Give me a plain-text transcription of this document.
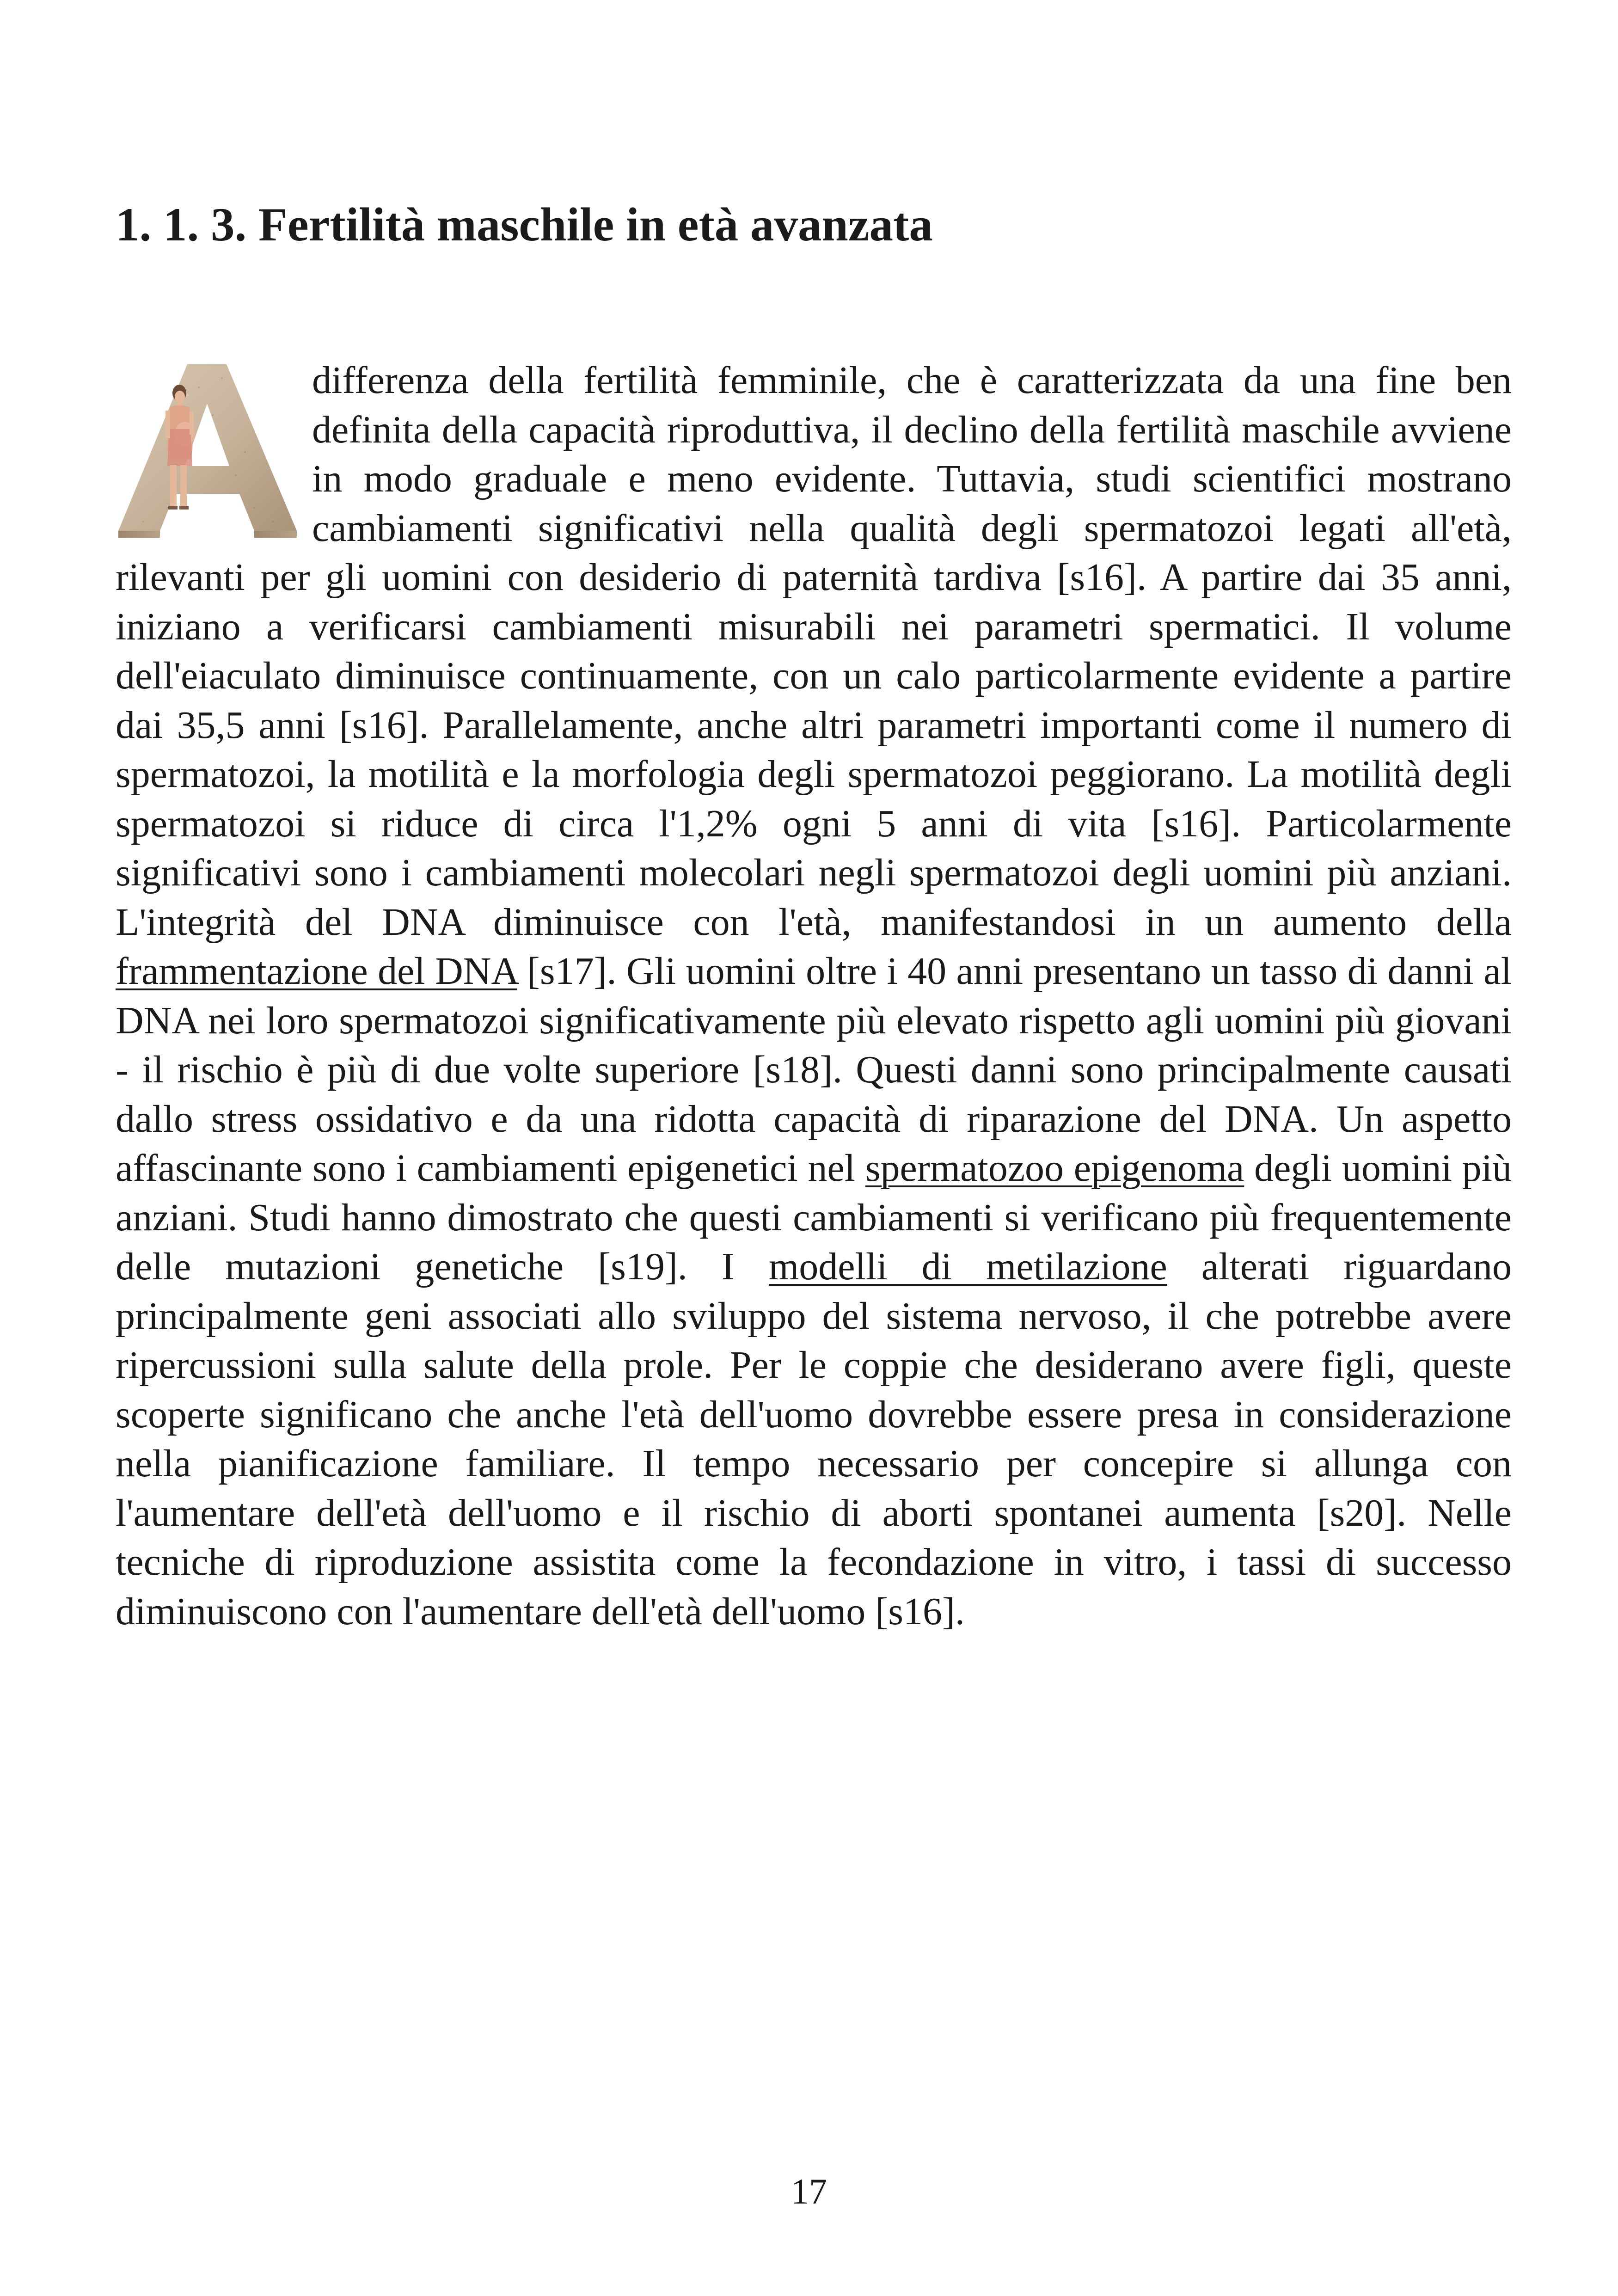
1. 1. 3. Fertilità maschile in età avanzata

differenza della fertilità femminile, che è caratterizzata da una fine ben definita della capacità riproduttiva, il declino della fertilità maschile avviene in modo graduale e meno evidente. Tuttavia, studi scientifici mostrano cambiamenti significativi nella qualità degli spermatozoi legati all'età, rilevanti per gli uomini con desiderio di paternità tardiva [s16]. A partire dai 35 anni, iniziano a verificarsi cambiamenti misurabili nei parametri spermatici. Il volume dell'eiaculato diminuisce continuamente, con un calo particolarmente evidente a partire dai 35,5 anni [s16]. Parallelamente, anche altri parametri importanti come il numero di spermatozoi, la motilità e la morfologia degli spermatozoi peggiorano. La motilità degli spermatozoi si riduce di circa l'1,2% ogni 5 anni di vita [s16]. Particolarmente significativi sono i cambiamenti molecolari negli spermatozoi degli uomini più anziani. L'integrità del DNA diminuisce con l'età, manifestandosi in un aumento della frammentazione del DNA [s17]. Gli uomini oltre i 40 anni presentano un tasso di danni al DNA nei loro spermatozoi significativamente più elevato rispetto agli uomini più giovani - il rischio è più di due volte superiore [s18]. Questi danni sono principalmente causati dallo stress ossidativo e da una ridotta capacità di riparazione del DNA. Un aspetto affascinante sono i cambiamenti epigenetici nel spermatozoo epigenoma degli uomini più anziani. Studi hanno dimostrato che questi cambiamenti si verificano più frequentemente delle mutazioni genetiche [s19]. I modelli di metilazione alterati riguardano principalmente geni associati allo sviluppo del sistema nervoso, il che potrebbe avere ripercussioni sulla salute della prole. Per le coppie che desiderano avere figli, queste scoperte significano che anche l'età dell'uomo dovrebbe essere presa in considerazione nella pianificazione familiare. Il tempo necessario per concepire si allunga con l'aumentare dell'età dell'uomo e il rischio di aborti spontanei aumenta [s20]. Nelle tecniche di riproduzione assistita come la fecondazione in vitro, i tassi di successo diminuiscono con l'aumentare dell'età dell'uomo [s16].

17
